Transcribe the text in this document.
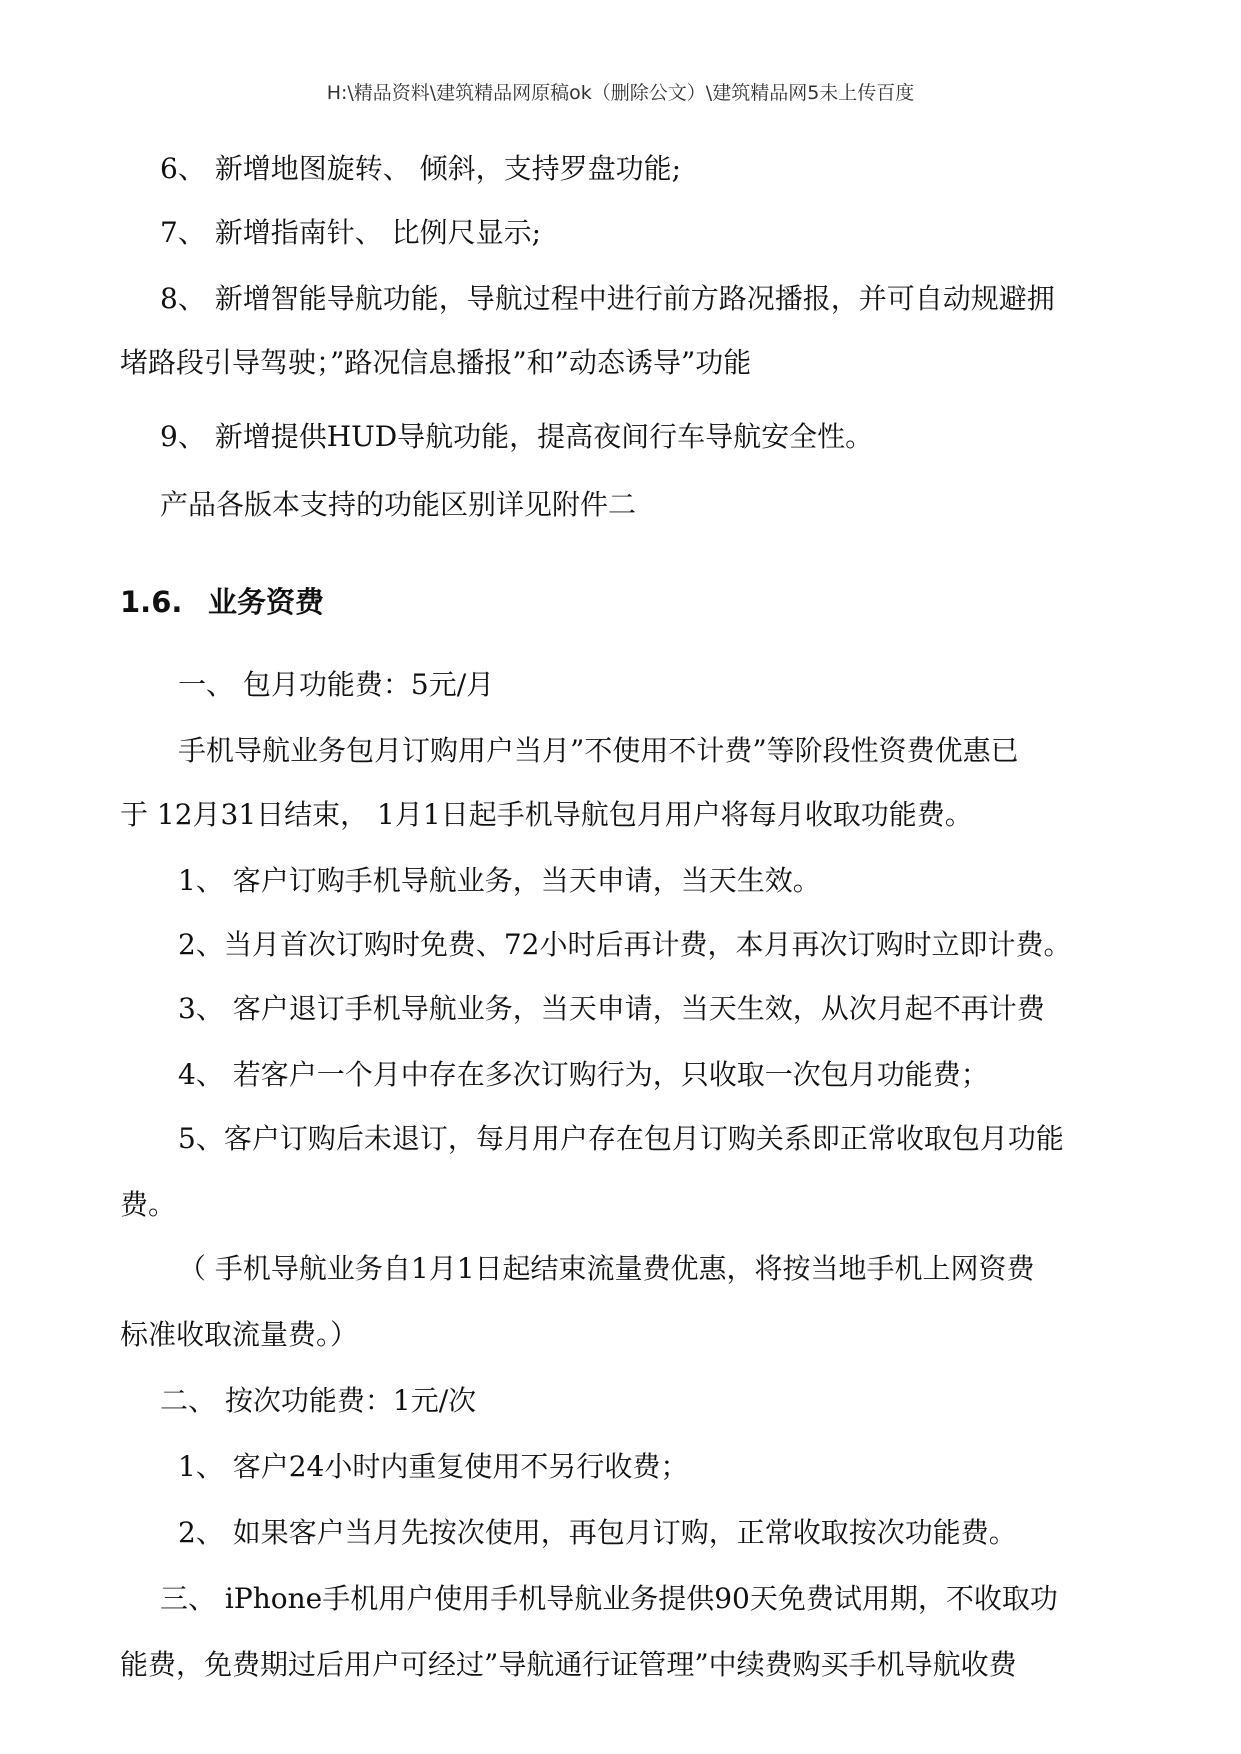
H:\精品资料\建筑精品网原稿ok（删除公文）\建筑精品网5未上传百度
6、 新增地图旋转、 倾斜，支持罗盘功能;
7、 新增指南针、 比例尺显示;
8、 新增智能导航功能，导航过程中进行前方路况播报，并可自动规避拥
堵路段引导驾驶；”路况信息播报”和”动态诱导”功能
9、 新增提供HUD导航功能，提高夜间行车导航安全性。
产品各版本支持的功能区别详见附件二
1.6. 业务资费
一、 包月功能费：5元/月
手机导航业务包月订购用户当月”不使用不计费”等阶段性资费优惠已
于 12月31日结束， 1月1日起手机导航包月用户将每月收取功能费。
1、 客户订购手机导航业务，当天申请，当天生效。
2、当月首次订购时免费、72小时后再计费，本月再次订购时立即计费。
3、 客户退订手机导航业务，当天申请，当天生效，从次月起不再计费
4、 若客户一个月中存在多次订购行为，只收取一次包月功能费；
5、客户订购后未退订，每月用户存在包月订购关系即正常收取包月功能
费。
（ 手机导航业务自1月1日起结束流量费优惠，将按当地手机上网资费
标准收取流量费。）
二、 按次功能费：1元/次
1、 客户24小时内重复使用不另行收费；
2、 如果客户当月先按次使用，再包月订购，正常收取按次功能费。
三、 iPhone手机用户使用手机导航业务提供90天免费试用期，不收取功
能费，免费期过后用户可经过”导航通行证管理”中续费购买手机导航收费
